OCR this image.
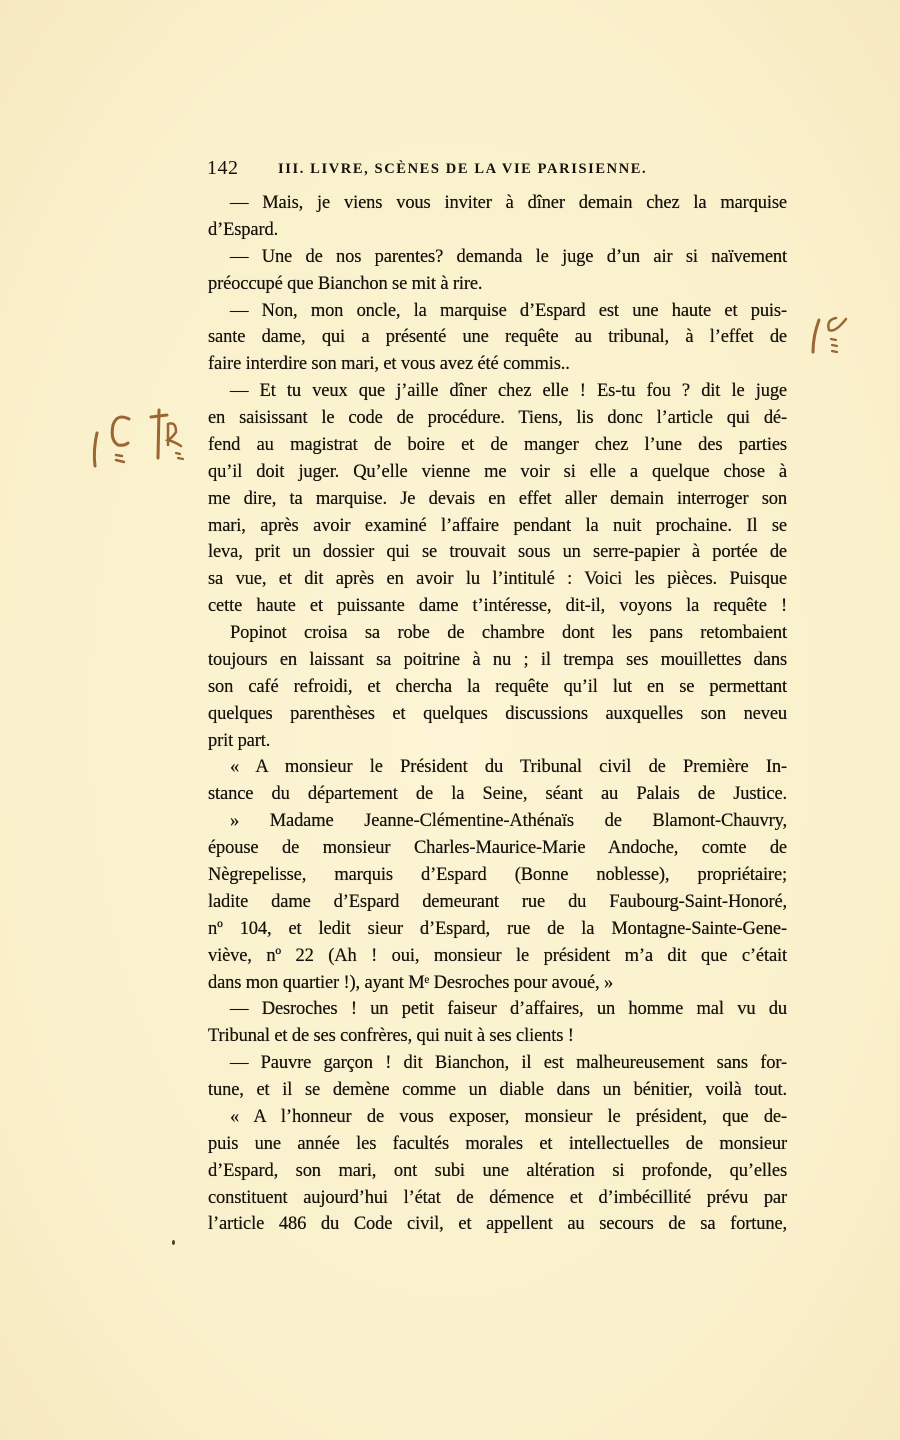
142	III. LIVRE, SCÈNES DE LA VIE PARISIENNE.
— Mais, je viens vous inviter à dîner demain chez la marquise
d’Espard.
— Une de nos parentes? demanda le juge d’un air si naïvement
préoccupé que Bianchon se mit à rire.
— Non, mon oncle, la marquise d’Espard est une haute et puis-
sante dame, qui a présenté une requête au tribunal, à l’effet de
faire interdire son mari, et vous avez été commis..
— Et tu veux que j’aille dîner chez elle ! Es-tu fou ? dit le juge
en saisissant le code de procédure. Tiens, lis donc l’article qui dé-
fend au magistrat de boire et de manger chez l’une des parties
qu’il doit juger. Qu’elle vienne me voir si elle a quelque chose à
me dire, ta marquise. Je devais en effet aller demain interroger son
mari, après avoir examiné l’affaire pendant la nuit prochaine. Il se
leva, prit un dossier qui se trouvait sous un serre-papier à portée de
sa vue, et dit après en avoir lu l’intitulé : Voici les pièces. Puisque
cette haute et puissante dame t’intéresse, dit-il, voyons la requête !
Popinot croisa sa robe de chambre dont les pans retombaient
toujours en laissant sa poitrine à nu ; il trempa ses mouillettes dans
son café refroidi, et chercha la requête qu’il lut en se permettant
quelques parenthèses et quelques discussions auxquelles son neveu
prit part.
« A monsieur le Président du Tribunal civil de Première In-
stance du département de la Seine, séant au Palais de Justice.
» Madame Jeanne-Clémentine-Athénaïs de Blamont-Chauvry,
épouse de monsieur Charles-Maurice-Marie Andoche, comte de
Nègrepelisse, marquis d’Espard (Bonne noblesse), propriétaire;
ladite dame d’Espard demeurant rue du Faubourg-Saint-Honoré,
nº 104, et ledit sieur d’Espard, rue de la Montagne-Sainte-Gene-
viève, nº 22 (Ah ! oui, monsieur le président m’a dit que c’était
dans mon quartier !), ayant Mᵉ Desroches pour avoué, »
— Desroches ! un petit faiseur d’affaires, un homme mal vu du
Tribunal et de ses confrères, qui nuit à ses clients !
— Pauvre garçon ! dit Bianchon, il est malheureusement sans for-
tune, et il se demène comme un diable dans un bénitier, voilà tout.
« A l’honneur de vous exposer, monsieur le président, que de-
puis une année les facultés morales et intellectuelles de monsieur
d’Espard, son mari, ont subi une altération si profonde, qu’elles
constituent aujourd’hui l’état de démence et d’imbécillité prévu par
l’article 486 du Code civil, et appellent au secours de sa fortune,
